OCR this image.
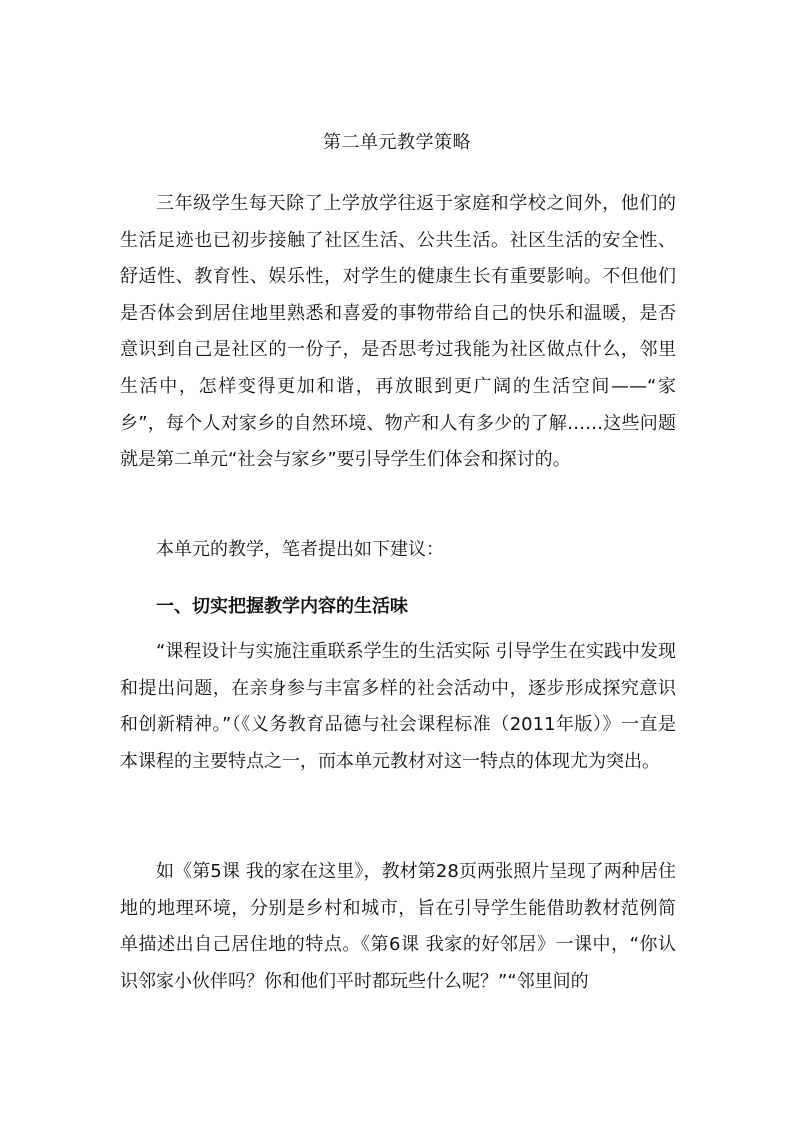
第二单元教学策略

三年级学生每天除了上学放学往返于家庭和学校之间外，他们的生活足迹也已初步接触了社区生活、公共生活。社区生活的安全性、舒适性、教育性、娱乐性，对学生的健康生长有重要影响。不但他们是否体会到居住地里熟悉和喜爱的事物带给自己的快乐和温暖，是否意识到自己是社区的一份子，是否思考过我能为社区做点什么，邻里生活中，怎样变得更加和谐，再放眼到更广阔的生活空间——“家乡”，每个人对家乡的自然环境、物产和人有多少的了解……这些问题就是第二单元“社会与家乡”要引导学生们体会和探讨的。

本单元的教学，笔者提出如下建议：

一、切实把握教学内容的生活味

“课程设计与实施注重联系学生的生活实际 引导学生在实践中发现和提出问题，在亲身参与丰富多样的社会活动中，逐步形成探究意识和创新精神。”（《义务教育品德与社会课程标准（2011年版）》一直是本课程的主要特点之一，而本单元教材对这一特点的体现尤为突出。

如《第5课 我的家在这里》，教材第28页两张照片呈现了两种居住地的地理环境，分别是乡村和城市，旨在引导学生能借助教材范例简单描述出自己居住地的特点。《第6课 我家的好邻居》一课中，“你认识邻家小伙伴吗？你和他们平时都玩些什么呢？”“邻里间的
